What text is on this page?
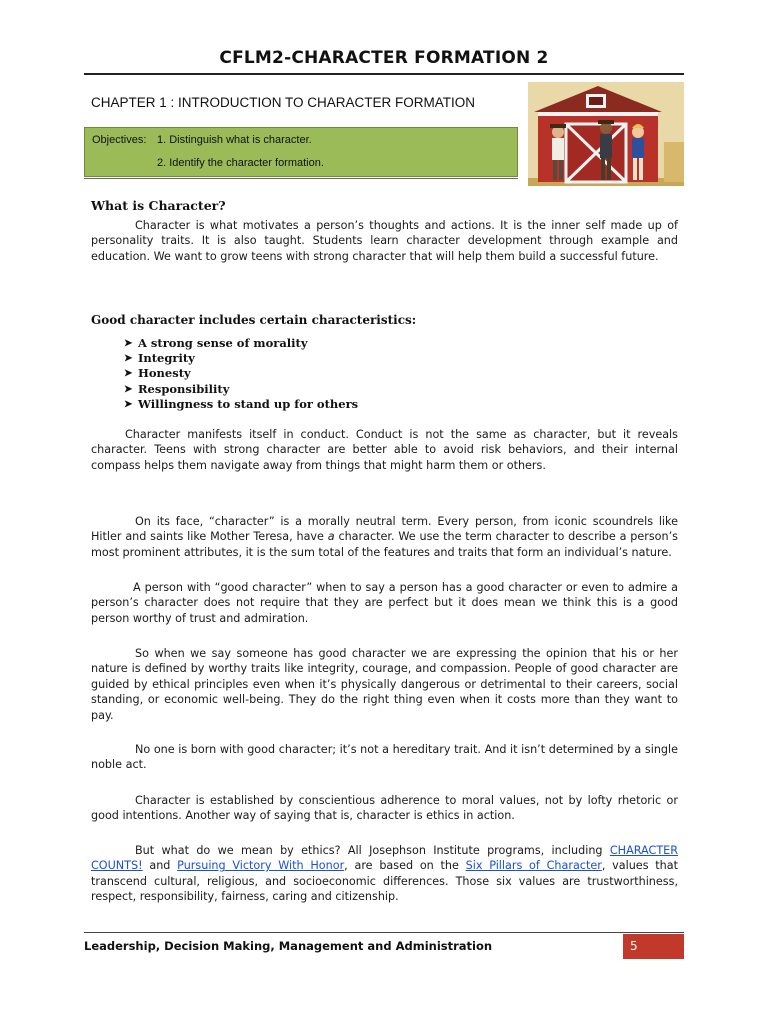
CFLM2-CHARACTER FORMATION 2
CHAPTER 1 : INTRODUCTION TO CHARACTER FORMATION
Objectives: 1. Distinguish what is character.
2. Identify the character formation.
What is Character?

Character is what motivates a person’s thoughts and actions. It is the inner self made up of personality traits. It is also taught. Students learn character development through example and education. We want to grow teens with strong character that will help them build a successful future.

Good character includes certain characteristics:
➤ A strong sense of morality
➤ Integrity
➤ Honesty
➤ Responsibility
➤ Willingness to stand up for others

Character manifests itself in conduct. Conduct is not the same as character, but it reveals character. Teens with strong character are better able to avoid risk behaviors, and their internal compass helps them navigate away from things that might harm them or others.

On its face, “character” is a morally neutral term. Every person, from iconic scoundrels like Hitler and saints like Mother Teresa, have a character. We use the term character to describe a person’s most prominent attributes, it is the sum total of the features and traits that form an individual’s nature.

A person with “good character” when to say a person has a good character or even to admire a person’s character does not require that they are perfect but it does mean we think this is a good person worthy of trust and admiration.

So when we say someone has good character we are expressing the opinion that his or her nature is defined by worthy traits like integrity, courage, and compassion. People of good character are guided by ethical principles even when it’s physically dangerous or detrimental to their careers, social standing, or economic well-being. They do the right thing even when it costs more than they want to pay.

No one is born with good character; it’s not a hereditary trait. And it isn’t determined by a single noble act.

Character is established by conscientious adherence to moral values, not by lofty rhetoric or good intentions. Another way of saying that is, character is ethics in action.

But what do we mean by ethics? All Josephson Institute programs, including CHARACTER COUNTS! and Pursuing Victory With Honor, are based on the Six Pillars of Character, values that transcend cultural, religious, and socioeconomic differences. Those six values are trustworthiness, respect, responsibility, fairness, caring and citizenship.

Leadership, Decision Making, Management and Administration	5
